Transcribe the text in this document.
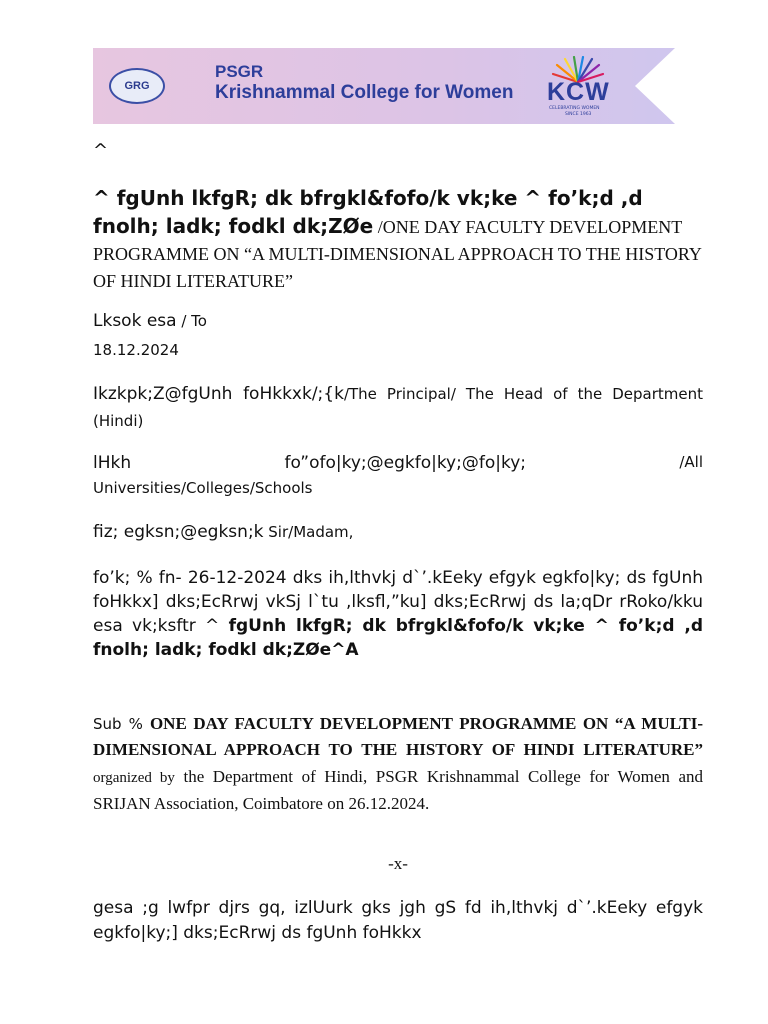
GRG
PSGR
Krishnammal College for Women KCW
CELEBRATING WOMEN
SINCE 1963
^
^ fgUnh lkfgR; dk bfrgkl&fofo/k vk;ke ^ fo’k;d ,d fnolh; ladk; fodkl dk;ZØe /ONE DAY FACULTY DEVELOPMENT PROGRAMME ON “A MULTI-DIMENSIONAL APPROACH TO THE HISTORY OF HINDI LITERATURE”
Lksok esa / To
18.12.2024
Ikzkpk;Z@fgUnh foHkkxk/;{k/The Principal/ The Head of the Department (Hindi)
lHkh	fo”ofo|ky;@egkfo|ky;@fo|ky;	/All
Universities/Colleges/Schools
fiz; egksn;@egksn;k Sir/Madam,
fo’k; % fn- 26-12-2024 dks ih,lthvkj d`’.kEeky efgyk egkfo|ky; ds fgUnh foHkkx] dks;EcRrwj vkSj l`tu ,lksfl,”ku] dks;EcRrwj ds la;qDr rRoko/kku esa vk;ksftr ^ fgUnh lkfgR; dk bfrgkl&fofo/k vk;ke ^ fo’k;d ,d fnolh; ladk; fodkl dk;ZØe^A
Sub % ONE DAY FACULTY DEVELOPMENT PROGRAMME ON “A MULTI-DIMENSIONAL APPROACH TO THE HISTORY OF HINDI LITERATURE” organized by the Department of Hindi, PSGR Krishnammal College for Women and SRIJAN Association, Coimbatore on 26.12.2024.
-x-
gesa ;g lwfpr djrs gq, izlUurk gks jgh gS fd ih,lthvkj d`’.kEeky efgyk egkfo|ky;] dks;EcRrwj ds fgUnh foHkkx
